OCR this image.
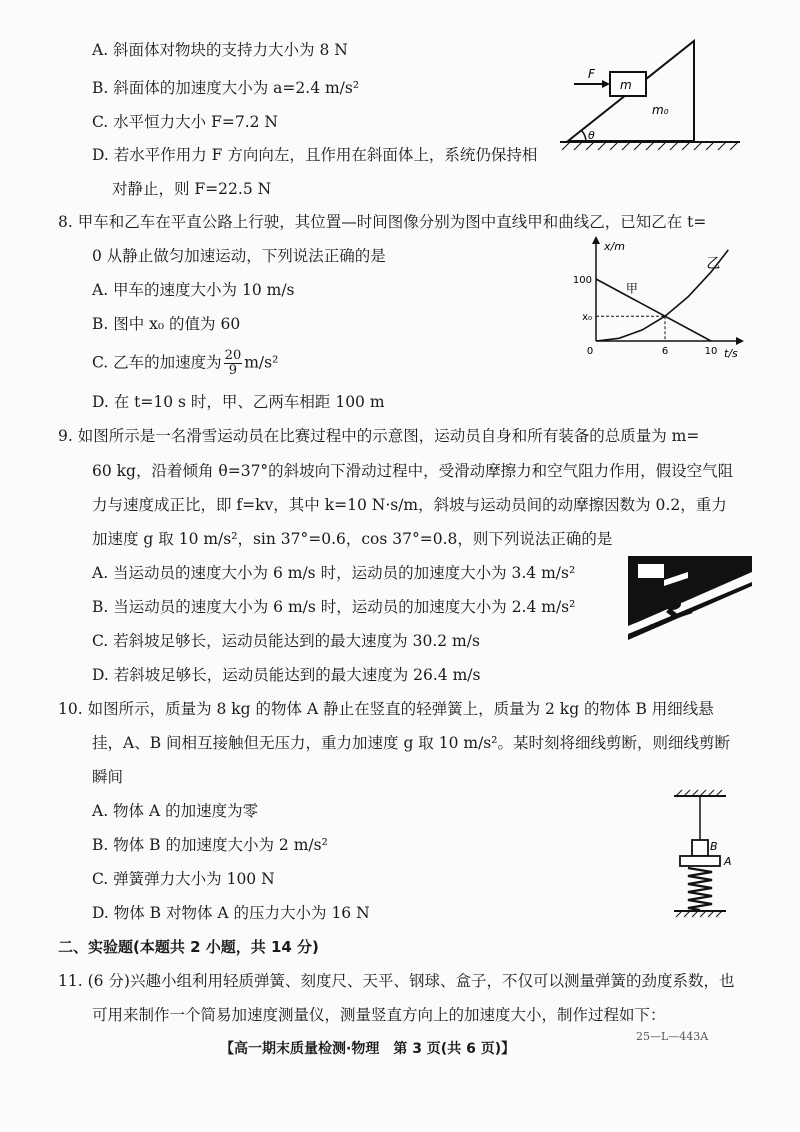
A. 斜面体对物块的支持力大小为 8 N
B. 斜面体的加速度大小为 a=2.4 m/s²
C. 水平恒力大小 F=7.2 N
D. 若水平作用力 F 方向向左，且作用在斜面体上，系统仍保持相
对静止，则 F=22.5 N
F
m
m₀
θ
8. 甲车和乙车在平直公路上行驶，其位置—时间图像分别为图中直线甲和曲线乙，已知乙在 t=
0 从静止做匀加速运动，下列说法正确的是
A. 甲车的速度大小为 10 m/s
B. 图中 x₀ 的值为 60
C. 乙车的加速度为 $\frac{20}{9} m/s^2$
D. 在 t=10 s 时，甲、乙两车相距 100 m
甲
乙
100
x₀
0	6	10
x/m
t/s
9. 如图所示是一名滑雪运动员在比赛过程中的示意图，运动员自身和所有装备的总质量为 m=
60 kg，沿着倾角 θ=37°的斜坡向下滑动过程中，受滑动摩擦力和空气阻力作用，假设空气阻
力与速度成正比，即 f=kv，其中 k=10 N·s/m，斜坡与运动员间的动摩擦因数为 0.2，重力
加速度 g 取 10 m/s²，sin 37°=0.6，cos 37°=0.8，则下列说法正确的是
A. 当运动员的速度大小为 6 m/s 时，运动员的加速度大小为 3.4 m/s²
B. 当运动员的速度大小为 6 m/s 时，运动员的加速度大小为 2.4 m/s²
C. 若斜坡足够长，运动员能达到的最大速度为 30.2 m/s
D. 若斜坡足够长，运动员能达到的最大速度为 26.4 m/s
10. 如图所示，质量为 8 kg 的物体 A 静止在竖直的轻弹簧上，质量为 2 kg 的物体 B 用细线悬
挂，A、B 间相互接触但无压力，重力加速度 g 取 10 m/s²。某时刻将细线剪断，则细线剪断
瞬间
A. 物体 A 的加速度为零
B. 物体 B 的加速度大小为 2 m/s²
C. 弹簧弹力大小为 100 N
D. 物体 B 对物体 A 的压力大小为 16 N
B
A
二、实验题(本题共 2 小题，共 14 分)
11. (6 分)兴趣小组利用轻质弹簧、刻度尺、天平、钢球、盒子，不仅可以测量弹簧的劲度系数，也
可用来制作一个简易加速度测量仪，测量竖直方向上的加速度大小，制作过程如下：
【高一期末质量检测·物理　第 3 页(共 6 页)】
25—L—443A
